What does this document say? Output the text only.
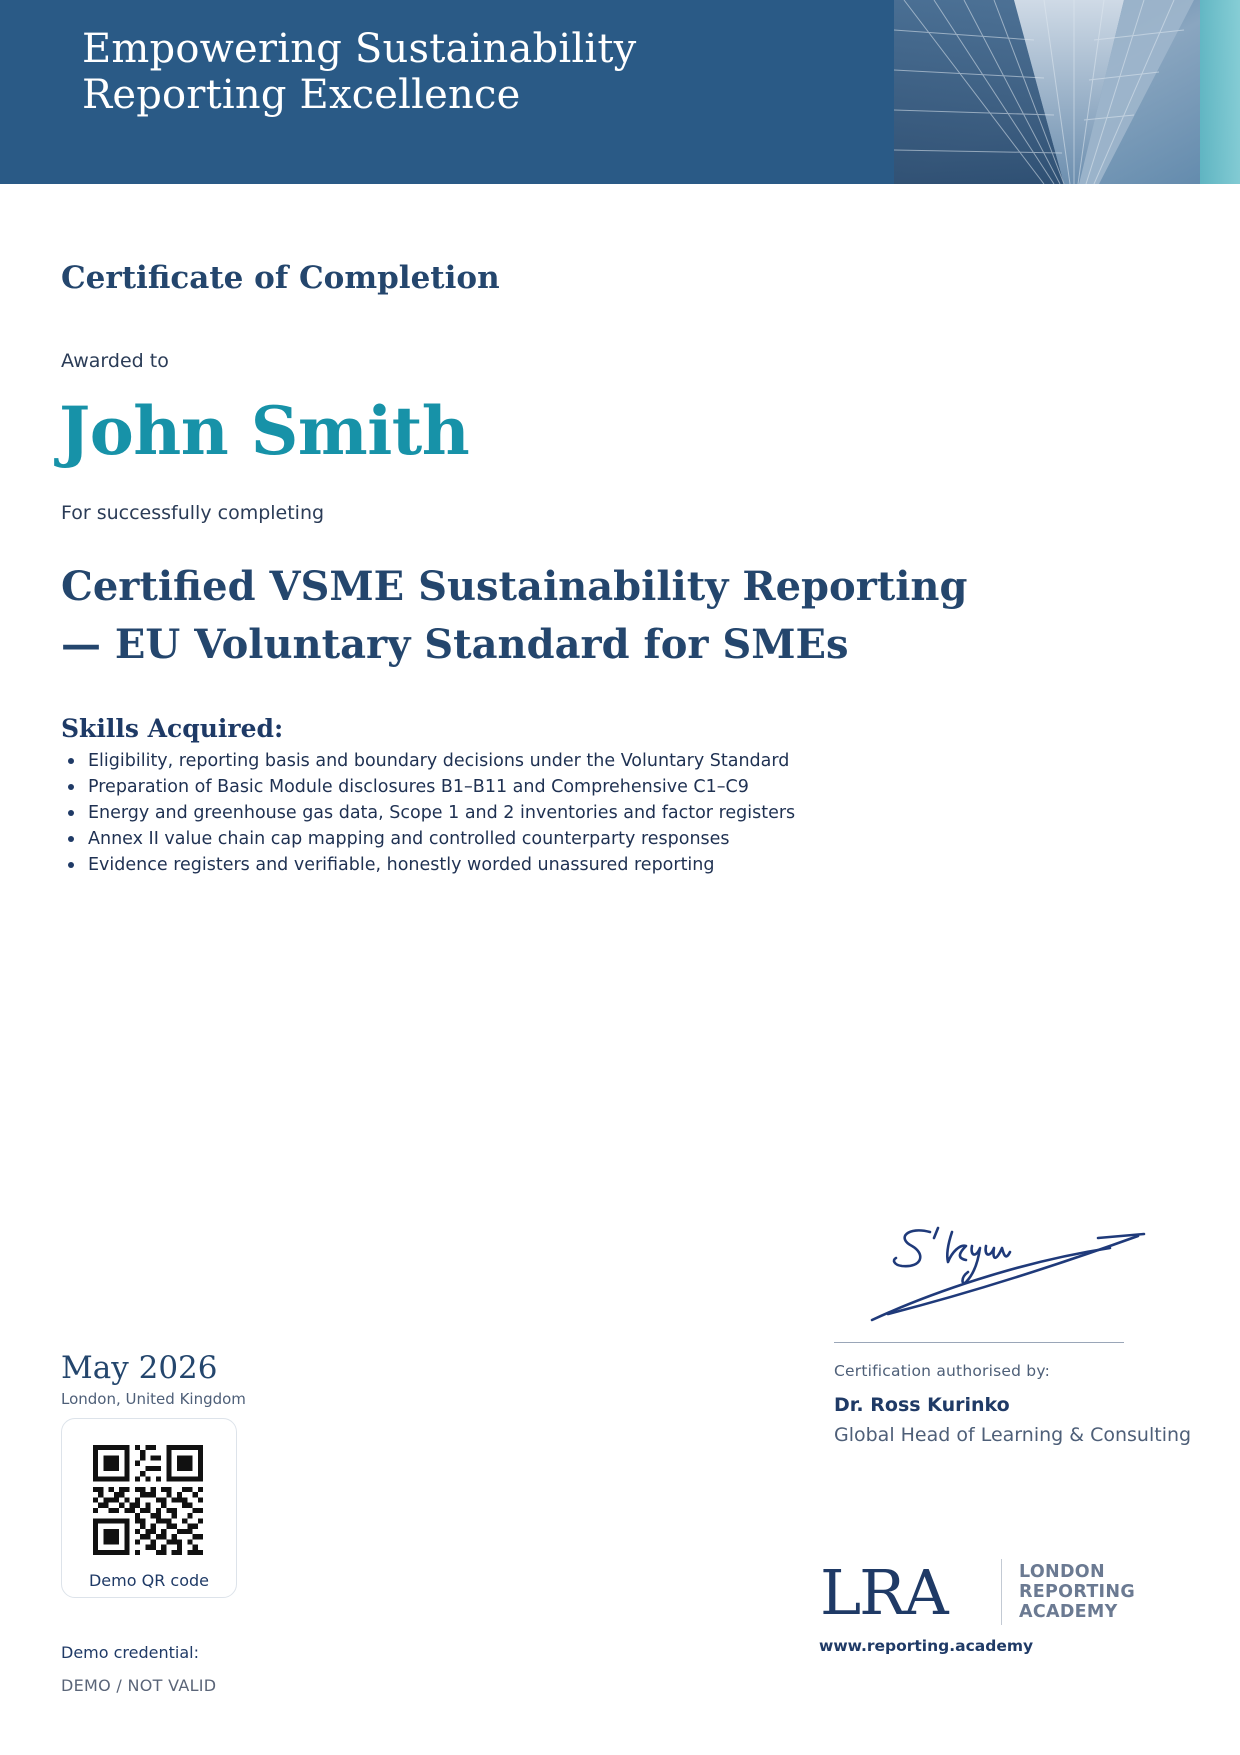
Empowering Sustainability
Reporting Excellence
Certificate of Completion
Awarded to
John Smith
For successfully completing
Certified VSME Sustainability Reporting
— EU Voluntary Standard for SMEs
Skills Acquired:
Eligibility, reporting basis and boundary decisions under the Voluntary Standard
Preparation of Basic Module disclosures B1–B11 and Comprehensive C1–C9
Energy and greenhouse gas data, Scope 1 and 2 inventories and factor registers
Annex II value chain cap mapping and controlled counterparty responses
Evidence registers and verifiable, honestly worded unassured reporting
May 2026
London, United Kingdom
Demo QR code
Demo credential:
DEMO / NOT VALID
Certification authorised by:
Dr. Ross Kurinko
Global Head of Learning & Consulting
LRA	LONDON
REPORTING
ACADEMY
www.reporting.academy
